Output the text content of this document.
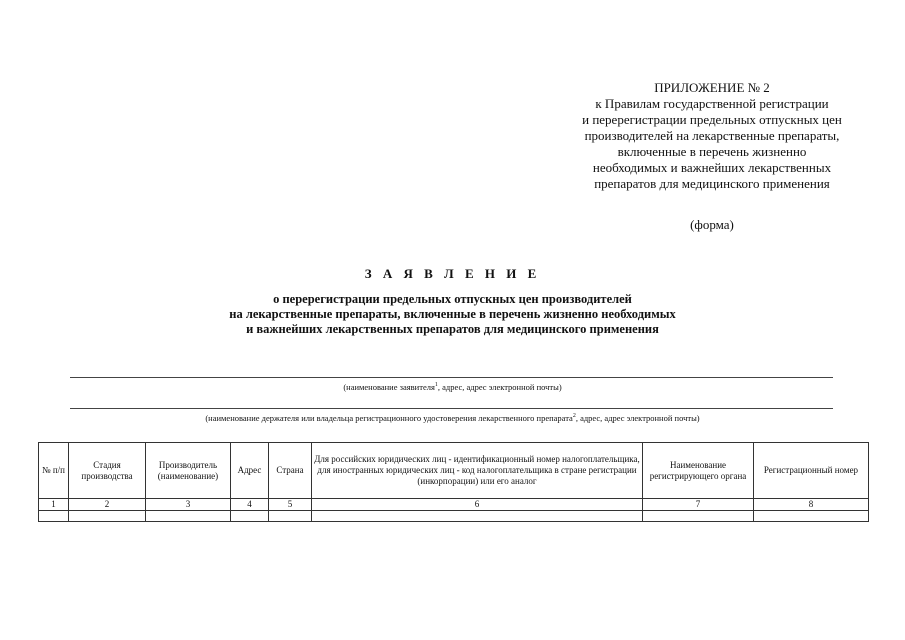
ПРИЛОЖЕНИЕ № 2
к Правилам государственной регистрации
и перерегистрации предельных отпускных цен
производителей на лекарственные препараты,
включенные в перечень жизненно
необходимых и важнейших лекарственных
препаратов для медицинского применения
(форма)
З А Я В Л Е Н И Е
о перерегистрации предельных отпускных цен производителей
на лекарственные препараты, включенные в перечень жизненно необходимых
и важнейших лекарственных препаратов для медицинского применения
(наименование заявителя$^1$, адрес, адрес электронной почты)
(наименование держателя или владельца регистрационного удостоверения лекарственного препарата$^2$, адрес, адрес электронной почты)
№ п/п	Стадия производства	Производитель (наименование)	Адрес	Страна	Для российских юридических лиц - идентификационный номер налогоплательщика, для иностранных юридических лиц - код налогоплательщика в стране регистрации (инкорпорации) или его аналог	Наименование регистрирующего органа	Регистрационный номер
1	2	3	4	5	6	7	8
